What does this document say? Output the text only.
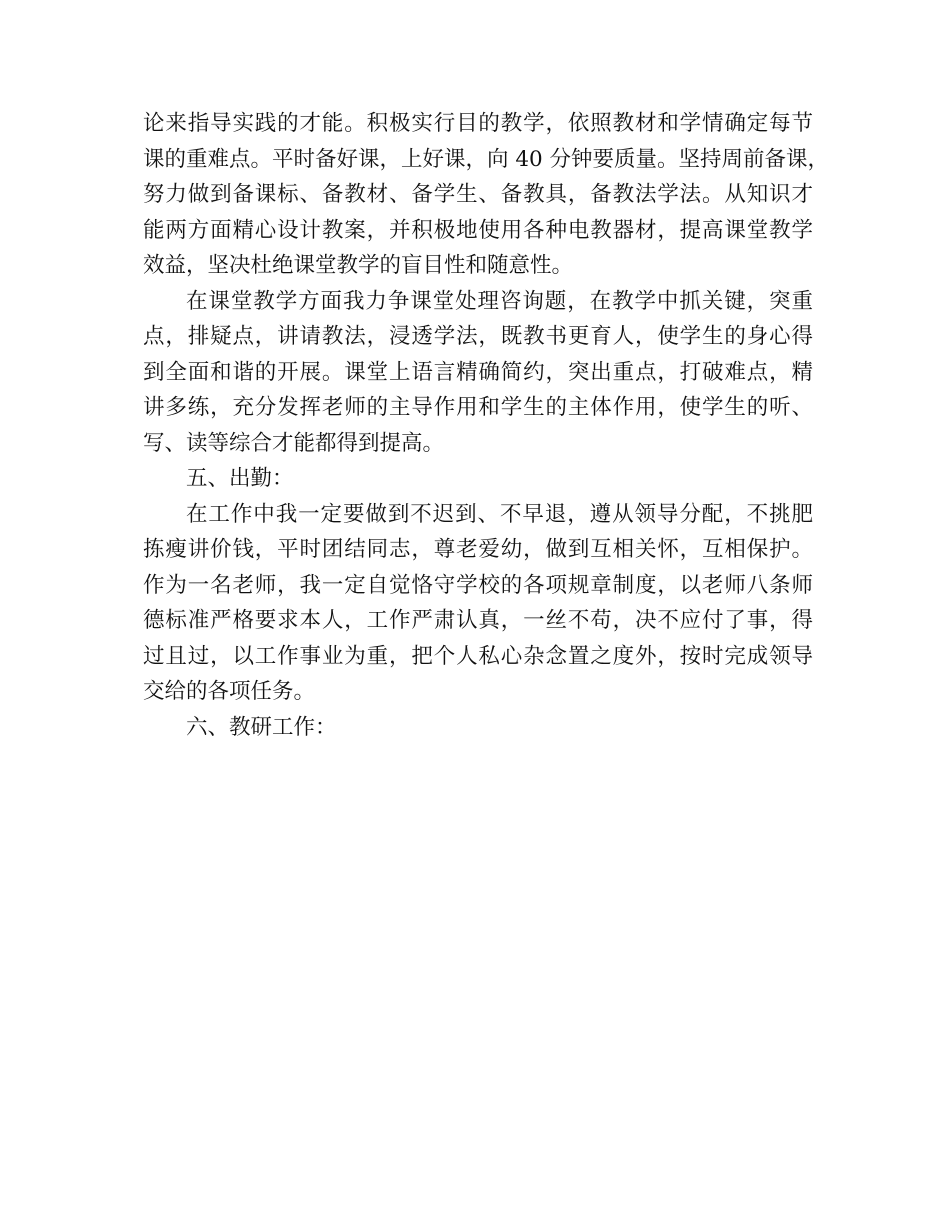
论来指导实践的才能。积极实行目的教学，依照教材和学情确定每节
课的重难点。平时备好课，上好课，向 40 分钟要质量。坚持周前备课，
努力做到备课标、备教材、备学生、备教具，备教法学法。从知识才
能两方面精心设计教案，并积极地使用各种电教器材，提高课堂教学
效益，坚决杜绝课堂教学的盲目性和随意性。

在课堂教学方面我力争课堂处理咨询题，在教学中抓关键，突重
点，排疑点，讲请教法，浸透学法，既教书更育人，使学生的身心得
到全面和谐的开展。课堂上语言精确简约，突出重点，打破难点，精
讲多练，充分发挥老师的主导作用和学生的主体作用，使学生的听、
写、读等综合才能都得到提高。

五、出勤：

在工作中我一定要做到不迟到、不早退，遵从领导分配，不挑肥
拣瘦讲价钱，平时团结同志，尊老爱幼，做到互相关怀，互相保护。
作为一名老师，我一定自觉恪守学校的各项规章制度，以老师八条师
德标准严格要求本人，工作严肃认真，一丝不苟，决不应付了事，得
过且过，以工作事业为重，把个人私心杂念置之度外，按时完成领导
交给的各项任务。

六、教研工作：
